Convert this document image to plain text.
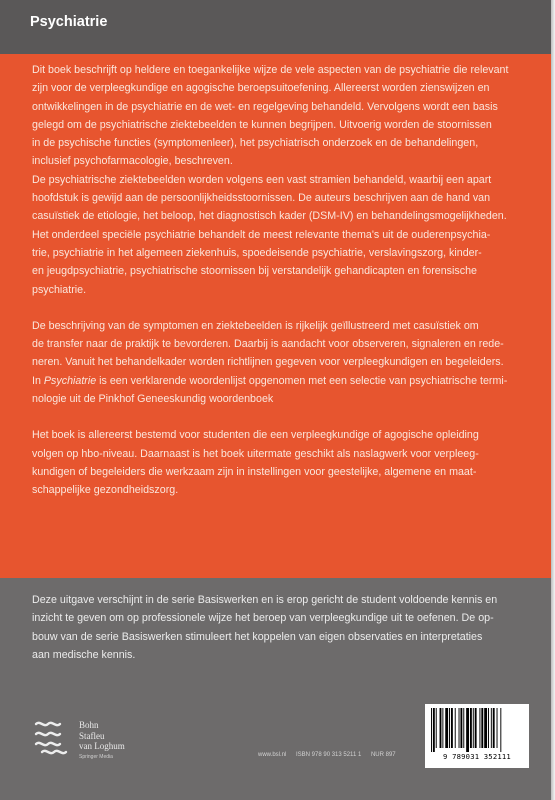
Psychiatrie

Dit boek beschrijft op heldere en toegankelijke wijze de vele aspecten van de psychiatrie die relevant
zijn voor de verpleegkundige en agogische beroepsuitoefening. Allereerst worden zienswijzen en
ontwikkelingen in de psychiatrie en de wet- en regelgeving behandeld. Vervolgens wordt een basis
gelegd om de psychiatrische ziektebeelden te kunnen begrijpen. Uitvoerig worden de stoornissen
in de psychische functies (symptomenleer), het psychiatrisch onderzoek en de behandelingen,
inclusief psychofarmacologie, beschreven.
De psychiatrische ziektebeelden worden volgens een vast stramien behandeld, waarbij een apart
hoofdstuk is gewijd aan de persoonlijkheidsstoornissen. De auteurs beschrijven aan de hand van
casuïstiek de etiologie, het beloop, het diagnostisch kader (DSM-IV) en behandelingsmogelijkheden.
Het onderdeel speciële psychiatrie behandelt de meest relevante thema's uit de ouderenpsychia-
trie, psychiatrie in het algemeen ziekenhuis, spoedeisende psychiatrie, verslavingszorg, kinder-
en jeugdpsychiatrie, psychiatrische stoornissen bij verstandelijk gehandicapten en forensische
psychiatrie.

De beschrijving van de symptomen en ziektebeelden is rijkelijk geïllustreerd met casuïstiek om
de transfer naar de praktijk te bevorderen. Daarbij is aandacht voor observeren, signaleren en rede-
neren. Vanuit het behandelkader worden richtlijnen gegeven voor verpleegkundigen en begeleiders.
In Psychiatrie is een verklarende woordenlijst opgenomen met een selectie van psychiatrische termi-
nologie uit de Pinkhof Geneeskundig woordenboek

Het boek is allereerst bestemd voor studenten die een verpleegkundige of agogische opleiding
volgen op hbo-niveau. Daarnaast is het boek uitermate geschikt als naslagwerk voor verpleeg-
kundigen of begeleiders die werkzaam zijn in instellingen voor geestelijke, algemene en maat-
schappelijke gezondheidszorg.

Deze uitgave verschijnt in de serie Basiswerken en is erop gericht de student voldoende kennis en
inzicht te geven om op professionele wijze het beroep van verpleegkundige uit te oefenen. De op-
bouw van de serie Basiswerken stimuleert het koppelen van eigen observaties en interpretaties
aan medische kennis.

Bohn
Stafleu
van Loghum
Springer Media	www.bsl.nl ISBN 978 90 313 5211 1 NUR 897	9 789031 352111
